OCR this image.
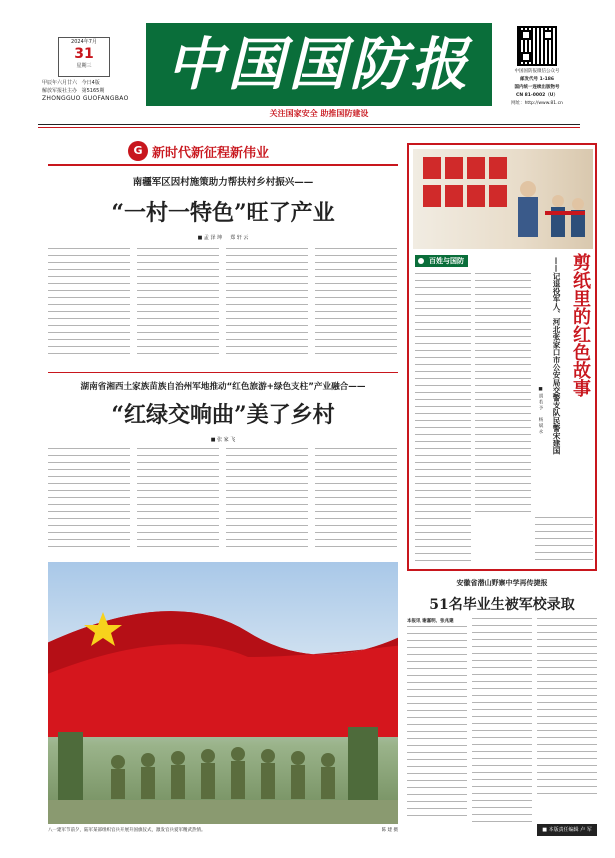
2024年7月
31
星期三
甲辰年六月廿六 今日4版
解放军报社主办 第5165期
ZHONGGUO GUOFANGBAO
中国国防报
关注国家安全 助推国防建设
中国国防报微信公众号
邮发代号 1-186
国内统一连续出版物号
CN 81-0002（U）
网址：http://www.81.cn
G 新时代新征程新伟业
南疆军区因村施策助力帮扶村乡村振兴——
“一村一特色”旺了产业
■ 孟 泽 坤 　 郑 轩 云
湖南省湘西土家族苗族自治州军地推动“红色旅游+绿色支柱”产业融合——
“红绿交响曲”美了乡村
■ 张 家 飞
八一建军节前夕，陆军某部组织官兵开展升国旗仪式，激发官兵爱军精武热情。	陈 建 摄
百姓与国防	剪纸里的红色故事
——记退役军人、河北张家口市公安局交警支队民警宋建国
■ 胡 若 予 　 杨 斌 永
安徽省潜山野寨中学再传捷报
51名毕业生被军校录取
本报讯 谢嘉明、张兆建
■ 本版责任编辑 卢 军
